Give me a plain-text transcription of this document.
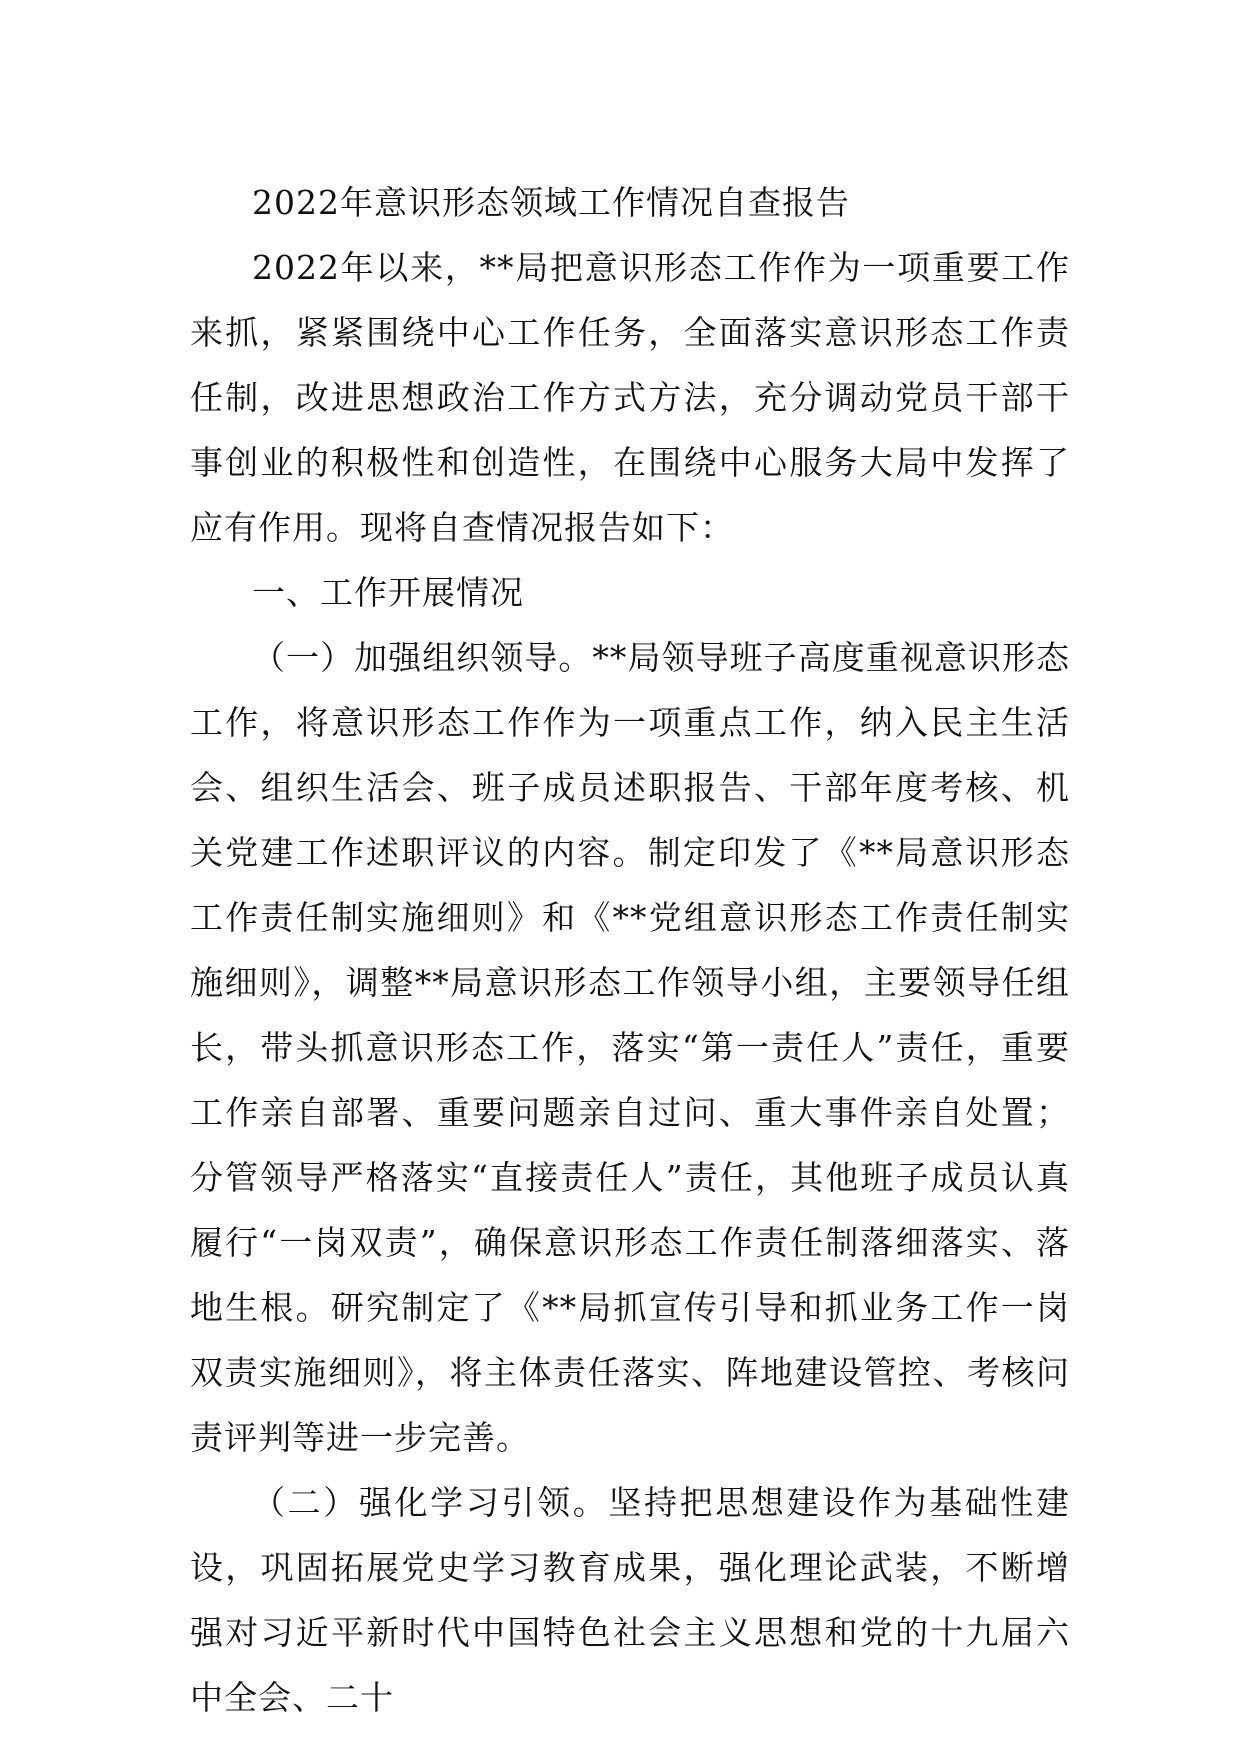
2022年意识形态领域工作情况自查报告

2022年以来，**局把意识形态工作作为一项重要工作来抓，紧紧围绕中心工作任务，全面落实意识形态工作责任制，改进思想政治工作方式方法，充分调动党员干部干事创业的积极性和创造性，在围绕中心服务大局中发挥了应有作用。现将自查情况报告如下：

一、工作开展情况

（一）加强组织领导。**局领导班子高度重视意识形态工作，将意识形态工作作为一项重点工作，纳入民主生活会、组织生活会、班子成员述职报告、干部年度考核、机关党建工作述职评议的内容。制定印发了《**局意识形态工作责任制实施细则》和《**党组意识形态工作责任制实施细则》，调整**局意识形态工作领导小组，主要领导任组长，带头抓意识形态工作，落实“第一责任人”责任，重要工作亲自部署、重要问题亲自过问、重大事件亲自处置；分管领导严格落实“直接责任人”责任，其他班子成员认真履行“一岗双责”，确保意识形态工作责任制落细落实、落地生根。研究制定了《**局抓宣传引导和抓业务工作一岗双责实施细则》，将主体责任落实、阵地建设管控、考核问责评判等进一步完善。

（二）强化学习引领。坚持把思想建设作为基础性建设，巩固拓展党史学习教育成果，强化理论武装，不断增强对习近平新时代中国特色社会主义思想和党的十九届六中全会、二十
